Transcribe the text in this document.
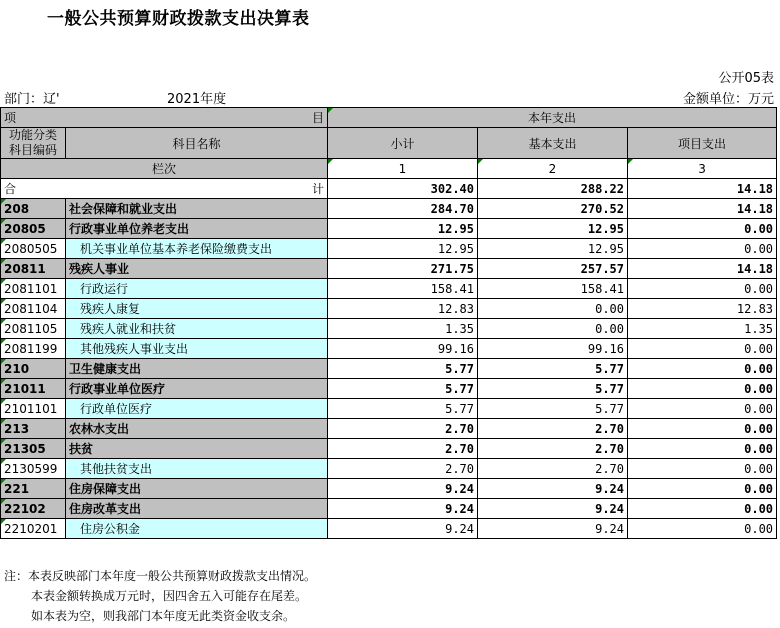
一般公共预算财政拨款支出决算表
公开05表
部门：辽'	2021年度	金额单位：万元
项 目		本年支出		
功能分类
科目编码	科目名称	小计	基本支出	项目支出
栏次		1	2	3

合 计		302.40	288.22	14.18
208	社会保障和就业支出	284.70	270.52	14.18
20805	行政事业单位养老支出	12.95	12.95	0.00
2080505	机关事业单位基本养老保险缴费支出	12.95	12.95	0.00
20811	残疾人事业	271.75	257.57	14.18
2081101	行政运行	158.41	158.41	0.00
2081104	残疾人康复	12.83	0.00	12.83
2081105	残疾人就业和扶贫	1.35	0.00	1.35
2081199	其他残疾人事业支出	99.16	99.16	0.00
210	卫生健康支出	5.77	5.77	0.00
21011	行政事业单位医疗	5.77	5.77	0.00
2101101	行政单位医疗	5.77	5.77	0.00
213	农林水支出	2.70	2.70	0.00
21305	扶贫	2.70	2.70	0.00
2130599	其他扶贫支出	2.70	2.70	0.00
221	住房保障支出	9.24	9.24	0.00
22102	住房改革支出	9.24	9.24	0.00
2210201	住房公积金	9.24	9.24	0.00
注：本表反映部门本年度一般公共预算财政拨款支出情况。
本表金额转换成万元时，因四舍五入可能存在尾差。
如本表为空，则我部门本年度无此类资金收支余。
